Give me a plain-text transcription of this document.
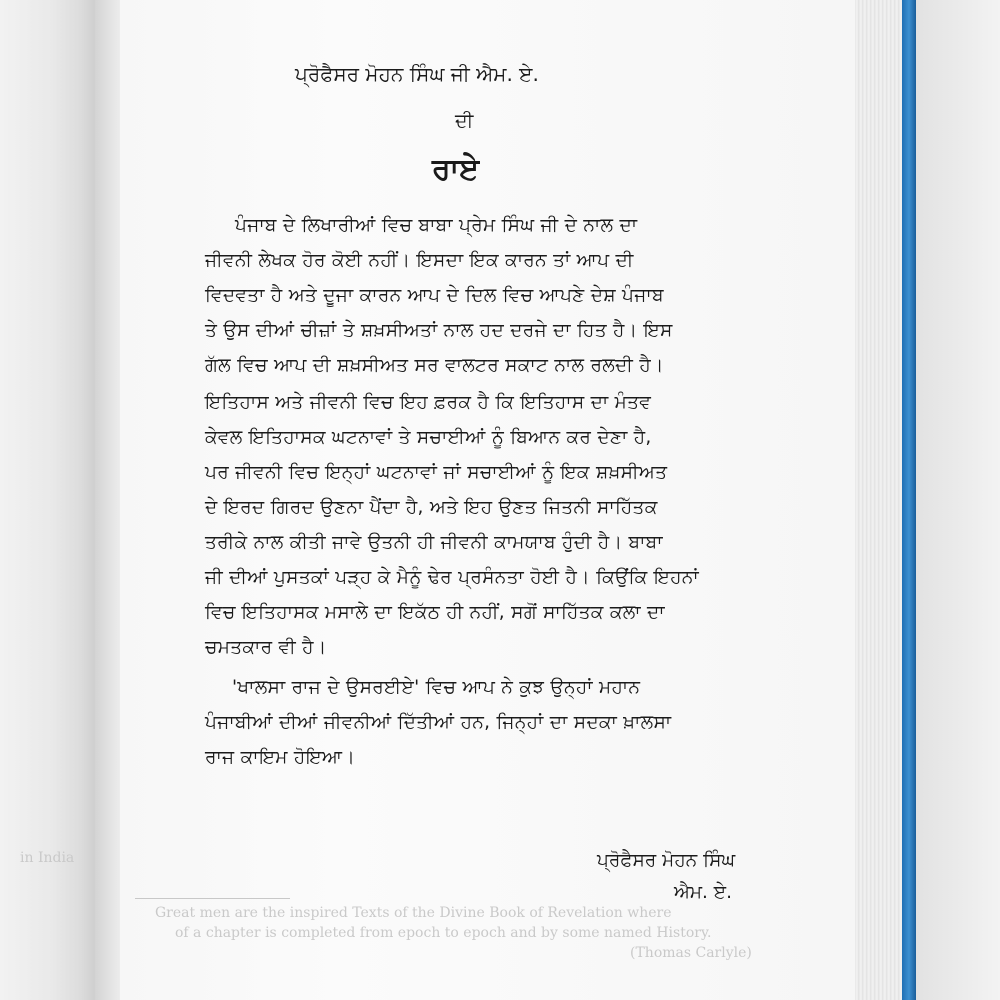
in India
Great men are the inspired Texts of the Divine Book of Revelation where
of a chapter is completed from epoch to epoch and by some named History.
(Thomas Carlyle)
ਪ੍ਰੋਫੈਸਰ ਮੋਹਨ ਸਿੰਘ ਜੀ ਐਮ. ਏ.
ਦੀ
ਰਾਏ
ਪੰਜਾਬ ਦੇ ਲਿਖਾਰੀਆਂ ਵਿਚ ਬਾਬਾ ਪ੍ਰੇਮ ਸਿੰਘ ਜੀ ਦੇ ਨਾਲ ਦਾ
ਜੀਵਨੀ ਲੇਖਕ ਹੋਰ ਕੋਈ ਨਹੀਂ। ਇਸਦਾ ਇਕ ਕਾਰਨ ਤਾਂ ਆਪ ਦੀ
ਵਿਦਵਤਾ ਹੈ ਅਤੇ ਦੂਜਾ ਕਾਰਨ ਆਪ ਦੇ ਦਿਲ ਵਿਚ ਆਪਣੇ ਦੇਸ਼ ਪੰਜਾਬ
ਤੇ ਉਸ ਦੀਆਂ ਚੀਜ਼ਾਂ ਤੇ ਸ਼ਖ਼ਸੀਅਤਾਂ ਨਾਲ ਹਦ ਦਰਜੇ ਦਾ ਹਿਤ ਹੈ। ਇਸ
ਗੱਲ ਵਿਚ ਆਪ ਦੀ ਸ਼ਖ਼ਸੀਅਤ ਸਰ ਵਾਲਟਰ ਸਕਾਟ ਨਾਲ ਰਲਦੀ ਹੈ।
ਇਤਿਹਾਸ ਅਤੇ ਜੀਵਨੀ ਵਿਚ ਇਹ ਫ਼ਰਕ ਹੈ ਕਿ ਇਤਿਹਾਸ ਦਾ ਮੰਤਵ
ਕੇਵਲ ਇਤਿਹਾਸਕ ਘਟਨਾਵਾਂ ਤੇ ਸਚਾਈਆਂ ਨੂੰ ਬਿਆਨ ਕਰ ਦੇਣਾ ਹੈ,
ਪਰ ਜੀਵਨੀ ਵਿਚ ਇਨ੍ਹਾਂ ਘਟਨਾਵਾਂ ਜਾਂ ਸਚਾਈਆਂ ਨੂੰ ਇਕ ਸ਼ਖ਼ਸੀਅਤ
ਦੇ ਇਰਦ ਗਿਰਦ ਉਣਨਾ ਪੈਂਦਾ ਹੈ, ਅਤੇ ਇਹ ਉਣਤ ਜਿਤਨੀ ਸਾਹਿੱਤਕ
ਤਰੀਕੇ ਨਾਲ ਕੀਤੀ ਜਾਵੇ ਉਤਨੀ ਹੀ ਜੀਵਨੀ ਕਾਮਯਾਬ ਹੁੰਦੀ ਹੈ। ਬਾਬਾ
ਜੀ ਦੀਆਂ ਪੁਸਤਕਾਂ ਪੜ੍ਹ ਕੇ ਮੈਨੂੰ ਢੇਰ ਪ੍ਰਸੰਨਤਾ ਹੋਈ ਹੈ। ਕਿਉਂਕਿ ਇਹਨਾਂ
ਵਿਚ ਇਤਿਹਾਸਕ ਮਸਾਲੇ ਦਾ ਇਕੱਠ ਹੀ ਨਹੀਂ, ਸਗੋਂ ਸਾਹਿੱਤਕ ਕਲਾ ਦਾ
ਚਮਤਕਾਰ ਵੀ ਹੈ।
'ਖਾਲਸਾ ਰਾਜ ਦੇ ਉਸਰਈਏ' ਵਿਚ ਆਪ ਨੇ ਕੁਝ ਉਨ੍ਹਾਂ ਮਹਾਨ
ਪੰਜਾਬੀਆਂ ਦੀਆਂ ਜੀਵਨੀਆਂ ਦਿੱਤੀਆਂ ਹਨ, ਜਿਨ੍ਹਾਂ ਦਾ ਸਦਕਾ ਖ਼ਾਲਸਾ
ਰਾਜ ਕਾਇਮ ਹੋਇਆ।
ਪ੍ਰੋਫੈਸਰ ਮੋਹਨ ਸਿੰਘ
ਐਮ. ਏ.
